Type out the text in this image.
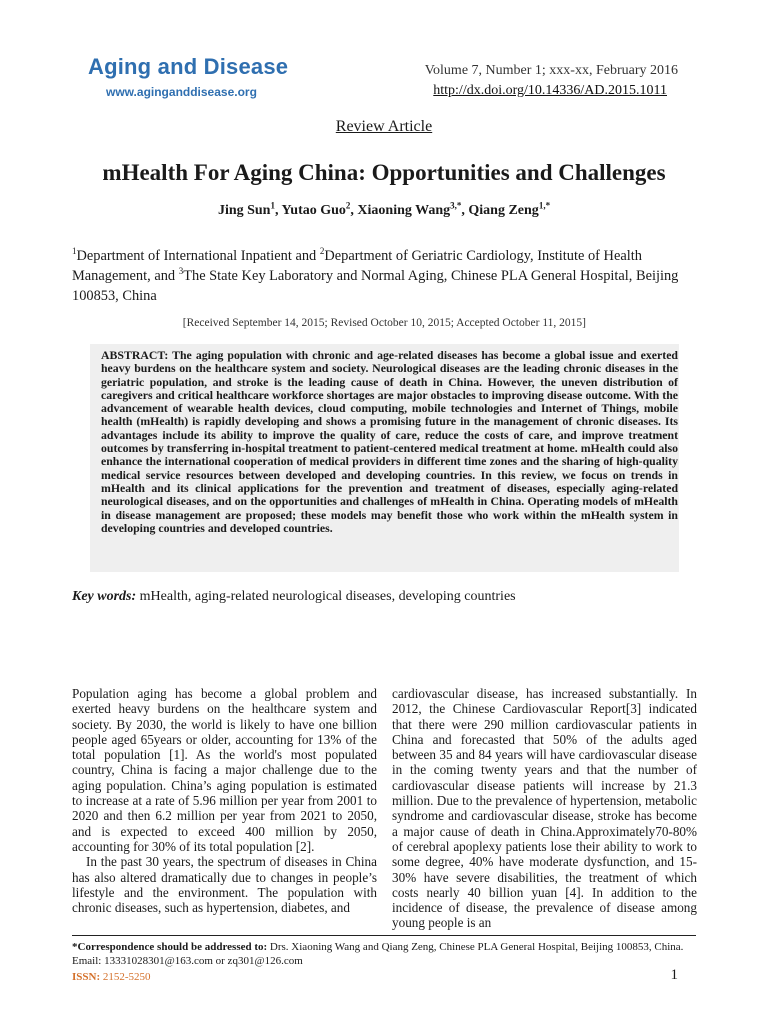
Aging and Disease
www.aginganddisease.org
Volume 7, Number 1; xxx-xx, February 2016
http://dx.doi.org/10.14336/AD.2015.1011
Review Article
mHealth For Aging China: Opportunities and Challenges
Jing Sun$^1$, Yutao Guo$^2$, Xiaoning Wang$^{3,*}$, Qiang Zeng$^{1,*}$
$^1$Department of International Inpatient and $^2$Department of Geriatric Cardiology, Institute of Health Management, and $^3$The State Key Laboratory and Normal Aging, Chinese PLA General Hospital, Beijing 100853, China
[Received September 14, 2015; Revised October 10, 2015; Accepted October 11, 2015]

ABSTRACT: The aging population with chronic and age-related diseases has become a global issue and exerted heavy burdens on the healthcare system and society. Neurological diseases are the leading chronic diseases in the geriatric population, and stroke is the leading cause of death in China. However, the uneven distribution of caregivers and critical healthcare workforce shortages are major obstacles to improving disease outcome. With the advancement of wearable health devices, cloud computing, mobile technologies and Internet of Things, mobile health (mHealth) is rapidly developing and shows a promising future in the management of chronic diseases. Its advantages include its ability to improve the quality of care, reduce the costs of care, and improve treatment outcomes by transferring in-hospital treatment to patient-centered medical treatment at home. mHealth could also enhance the international cooperation of medical providers in different time zones and the sharing of high-quality medical service resources between developed and developing countries. In this review, we focus on trends in mHealth and its clinical applications for the prevention and treatment of diseases, especially aging-related neurological diseases, and on the opportunities and challenges of mHealth in China. Operating models of mHealth in disease management are proposed; these models may benefit those who work within the mHealth system in developing countries and developed countries.

Key words: mHealth, aging-related neurological diseases, developing countries

Population aging has become a global problem and exerted heavy burdens on the healthcare system and society. By 2030, the world is likely to have one billion people aged 65years or older, accounting for 13% of the total population [1]. As the world's most populated country, China is facing a major challenge due to the aging population. China’s aging population is estimated to increase at a rate of 5.96 million per year from 2001 to 2020 and then 6.2 million per year from 2021 to 2050, and is expected to exceed 400 million by 2050, accounting for 30% of its total population [2].

In the past 30 years, the spectrum of diseases in China has also altered dramatically due to changes in people’s lifestyle and the environment. The population with chronic diseases, such as hypertension, diabetes, and

cardiovascular disease, has increased substantially. In 2012, the Chinese Cardiovascular Report[3] indicated that there were 290 million cardiovascular patients in China and forecasted that 50% of the adults aged between 35 and 84 years will have cardiovascular disease in the coming twenty years and that the number of cardiovascular disease patients will increase by 21.3 million. Due to the prevalence of hypertension, metabolic syndrome and cardiovascular disease, stroke has become a major cause of death in China.Approximately70-80% of cerebral apoplexy patients lose their ability to work to some degree, 40% have moderate dysfunction, and 15-30% have severe disabilities, the treatment of which costs nearly 40 billion yuan [4]. In addition to the incidence of disease, the prevalence of disease among young people is an

*Correspondence should be addressed to: Drs. Xiaoning Wang and Qiang Zeng, Chinese PLA General Hospital, Beijing 100853, China. Email: 13331028301@163.com or zq301@126.com
ISSN: 2152-5250	1
